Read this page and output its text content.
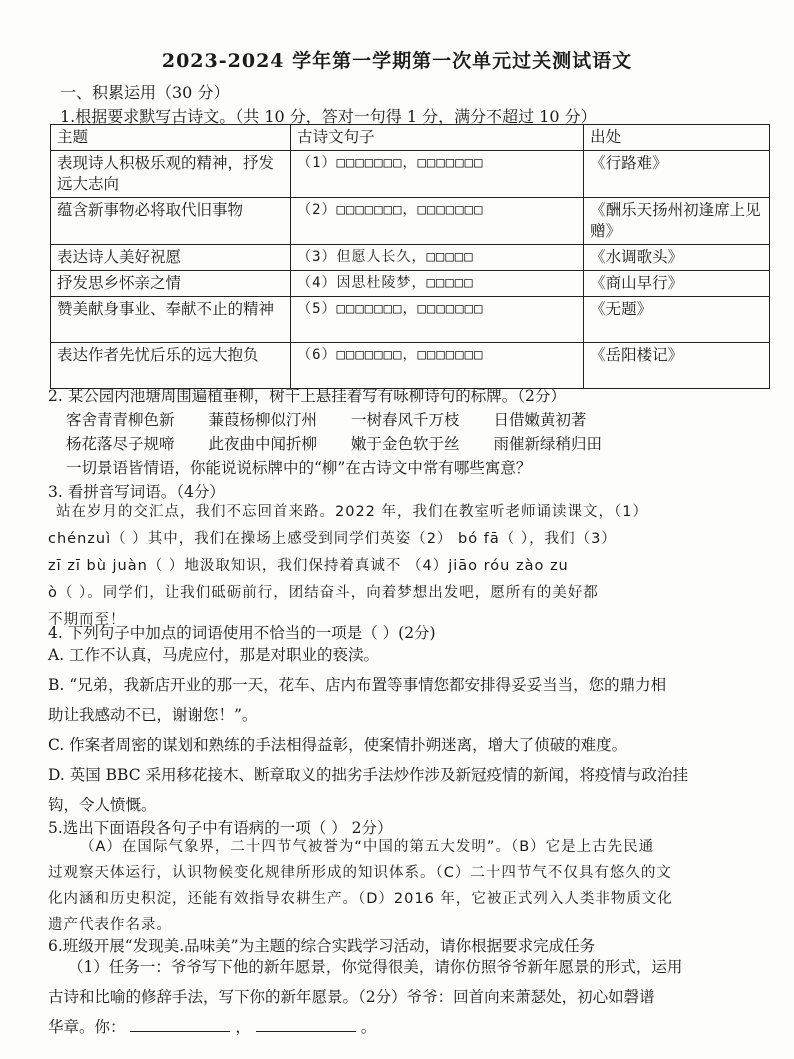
2023-2024 学年第一学期第一次单元过关测试语文
一、积累运用（30 分）
1.根据要求默写古诗文。（共 10 分，答对一句得 1 分，满分不超过 10 分）
主题	古诗文句子	出处
表现诗人积极乐观的精神，抒发远大志向	（1）□□□□□□□，□□□□□□□	《行路难》
蕴含新事物必将取代旧事物	（2）□□□□□□□，□□□□□□□	《酬乐天扬州初逢席上见赠》
表达诗人美好祝愿	（3）但愿人长久，□□□□□	《水调歌头》
抒发思乡怀亲之情	（4）因思杜陵梦，□□□□□	《商山早行》
赞美献身事业、奉献不止的精神	（5）□□□□□□□，□□□□□□□	《无题》
表达作者先忧后乐的远大抱负	（6）□□□□□□□，□□□□□□□	《岳阳楼记》
2. 某公园内池塘周围遍植垂柳，树干上悬挂着写有咏柳诗句的标牌。（2分）
客舍青青柳色新 蒹葭杨柳似汀州 一树春风千万枝 日借嫩黄初著
杨花落尽子规啼 此夜曲中闻折柳 嫩于金色软于丝 雨催新绿稍归田
一切景语皆情语，你能说说标牌中的“柳”在古诗文中常有哪些寓意？
3. 看拼音写词语。（4分）
站在岁月的交汇点，我们不忘回首来路。2022 年，我们在教室听老师诵读课文，（1）
chénzuì（ ）其中，我们在操场上感受到同学们英姿（2） bó fā（ ），我们（3）
zī zī bù juàn（ ）地汲取知识，我们保持着真诚不 （4）jiāo róu zào zu
ò（ ）。同学们，让我们砥砺前行，团结奋斗，向着梦想出发吧，愿所有的美好都
不期而至！
4. 下列句子中加点的词语使用不恰当的一项是（ ）(2分)
A. 工作不认真，马虎应付，那是对职业的亵渎。
B. “兄弟，我新店开业的那一天，花车、店内布置等事情您都安排得妥妥当当，您的鼎力相
助让我感动不已，谢谢您！”。
C. 作案者周密的谋划和熟练的手法相得益彰，使案情扑朔迷离，增大了侦破的难度。
D. 英国 BBC 采用移花接木、断章取义的拙劣手法炒作涉及新冠疫情的新闻，将疫情与政治挂
钩，令人愤慨。
5.选出下面语段各句子中有语病的一项（ ） 2分）
（A）在国际气象界，二十四节气被誉为“中国的第五大发明”。（B）它是上古先民通
过观察天体运行，认识物候变化规律所形成的知识体系。（C）二十四节气不仅具有悠久的文
化内涵和历史积淀，还能有效指导农耕生产。（D）2016 年，它被正式列入人类非物质文化
遗产代表作名录。
6.班级开展“发现美.品味美”为主题的综合实践学习活动，请你根据要求完成任务
（1）任务一：爷爷写下他的新年愿景，你觉得很美，请你仿照爷爷新年愿景的形式，运用
古诗和比喻的修辞手法，写下你的新年愿景。（2分）爷爷：回首向来萧瑟处，初心如磬谱
华章。你：	，	。
